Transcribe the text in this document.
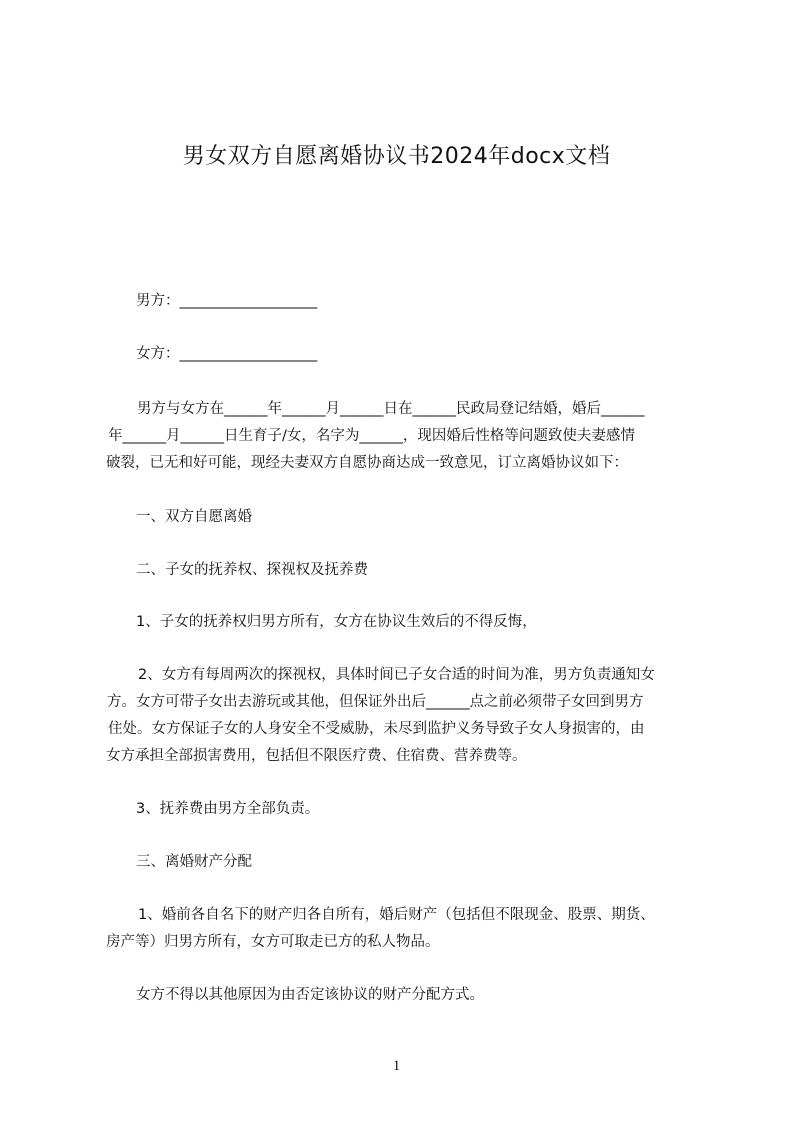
男女双方自愿离婚协议书2024年docx文档
男方：___________________
女方：___________________
男方与女方在______年______月______日在______民政局登记结婚，婚后______
年______月______日生育子/女，名字为______，现因婚后性格等问题致使夫妻感情
破裂，已无和好可能，现经夫妻双方自愿协商达成一致意见，订立离婚协议如下：
一、双方自愿离婚
二、子女的抚养权、探视权及抚养费
1、子女的抚养权归男方所有，女方在协议生效后的不得反悔，
2、女方有每周两次的探视权，具体时间已子女合适的时间为准，男方负责通知女
方。女方可带子女出去游玩或其他，但保证外出后______点之前必须带子女回到男方
住处。女方保证子女的人身安全不受威胁，未尽到监护义务导致子女人身损害的，由
女方承担全部损害费用，包括但不限医疗费、住宿费、营养费等。
3、抚养费由男方全部负责。
三、离婚财产分配
1、婚前各自名下的财产归各自所有，婚后财产（包括但不限现金、股票、期货、
房产等）归男方所有，女方可取走已方的私人物品。
女方不得以其他原因为由否定该协议的财产分配方式。
1
